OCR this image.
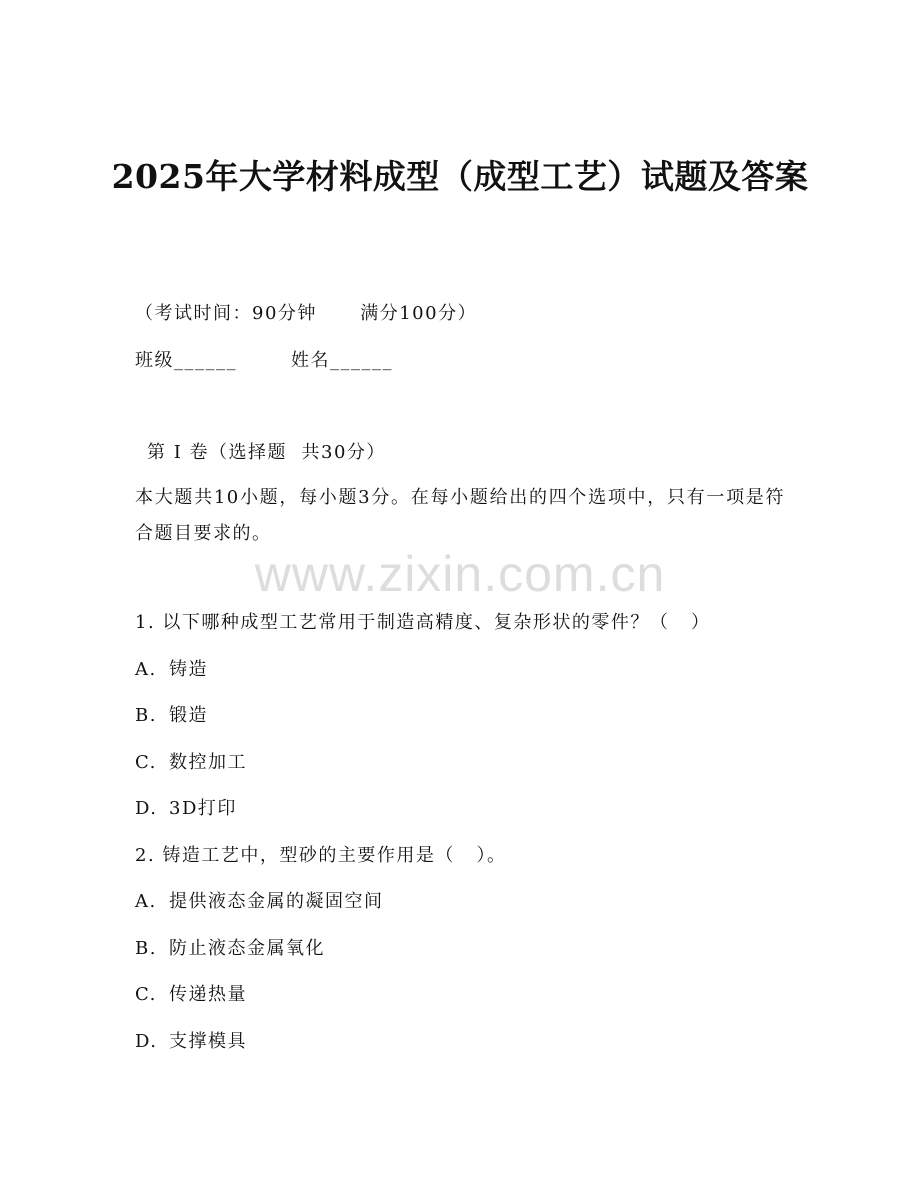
2025年大学材料成型（成型工艺）试题及答案
（考试时间：90分钟      满分100分）
班级______	姓名______
第 I 卷（选择题  共30分）
本大题共10小题，每小题3分。在每小题给出的四个选项中，只有一项是符合题目要求的。
www.zixin.com.cn
1. 以下哪种成型工艺常用于制造高精度、复杂形状的零件？（   ）
A. 铸造
B. 锻造
C. 数控加工
D. 3D打印
2. 铸造工艺中，型砂的主要作用是（   ）。
A. 提供液态金属的凝固空间
B. 防止液态金属氧化
C. 传递热量
D. 支撑模具
